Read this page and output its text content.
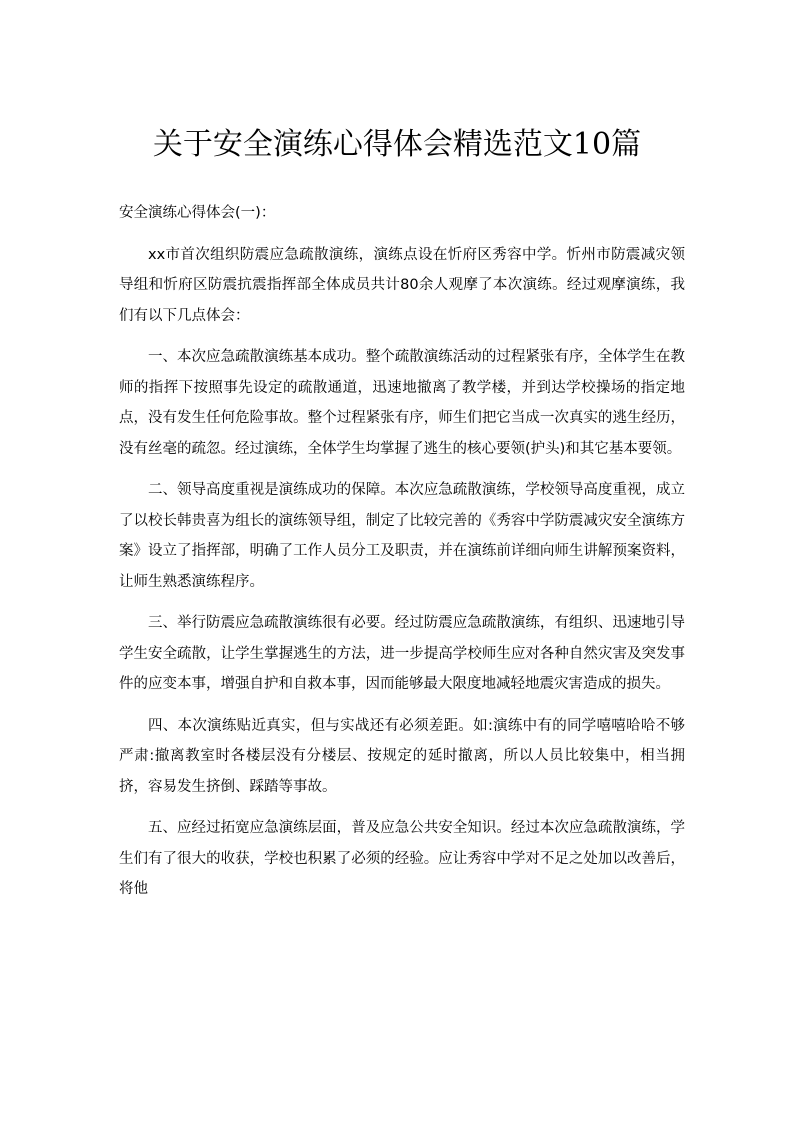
关于安全演练心得体会精选范文10篇

安全演练心得体会(一)：

xx市首次组织防震应急疏散演练，演练点设在忻府区秀容中学。忻州市防震减灾领导组和忻府区防震抗震指挥部全体成员共计80余人观摩了本次演练。经过观摩演练，我们有以下几点体会：

一、本次应急疏散演练基本成功。整个疏散演练活动的过程紧张有序，全体学生在教师的指挥下按照事先设定的疏散通道，迅速地撤离了教学楼，并到达学校操场的指定地点，没有发生任何危险事故。整个过程紧张有序，师生们把它当成一次真实的逃生经历，没有丝毫的疏忽。经过演练，全体学生均掌握了逃生的核心要领(护头)和其它基本要领。

二、领导高度重视是演练成功的保障。本次应急疏散演练，学校领导高度重视，成立了以校长韩贵喜为组长的演练领导组，制定了比较完善的《秀容中学防震减灾安全演练方案》设立了指挥部，明确了工作人员分工及职责，并在演练前详细向师生讲解预案资料，让师生熟悉演练程序。

三、举行防震应急疏散演练很有必要。经过防震应急疏散演练，有组织、迅速地引导学生安全疏散，让学生掌握逃生的方法，进一步提高学校师生应对各种自然灾害及突发事件的应变本事，增强自护和自救本事，因而能够最大限度地减轻地震灾害造成的损失。

四、本次演练贴近真实，但与实战还有必须差距。如:演练中有的同学嘻嘻哈哈不够严肃:撤离教室时各楼层没有分楼层、按规定的延时撤离，所以人员比较集中，相当拥挤，容易发生挤倒、踩踏等事故。

五、应经过拓宽应急演练层面，普及应急公共安全知识。经过本次应急疏散演练，学生们有了很大的收获，学校也积累了必须的经验。应让秀容中学对不足之处加以改善后，将他
